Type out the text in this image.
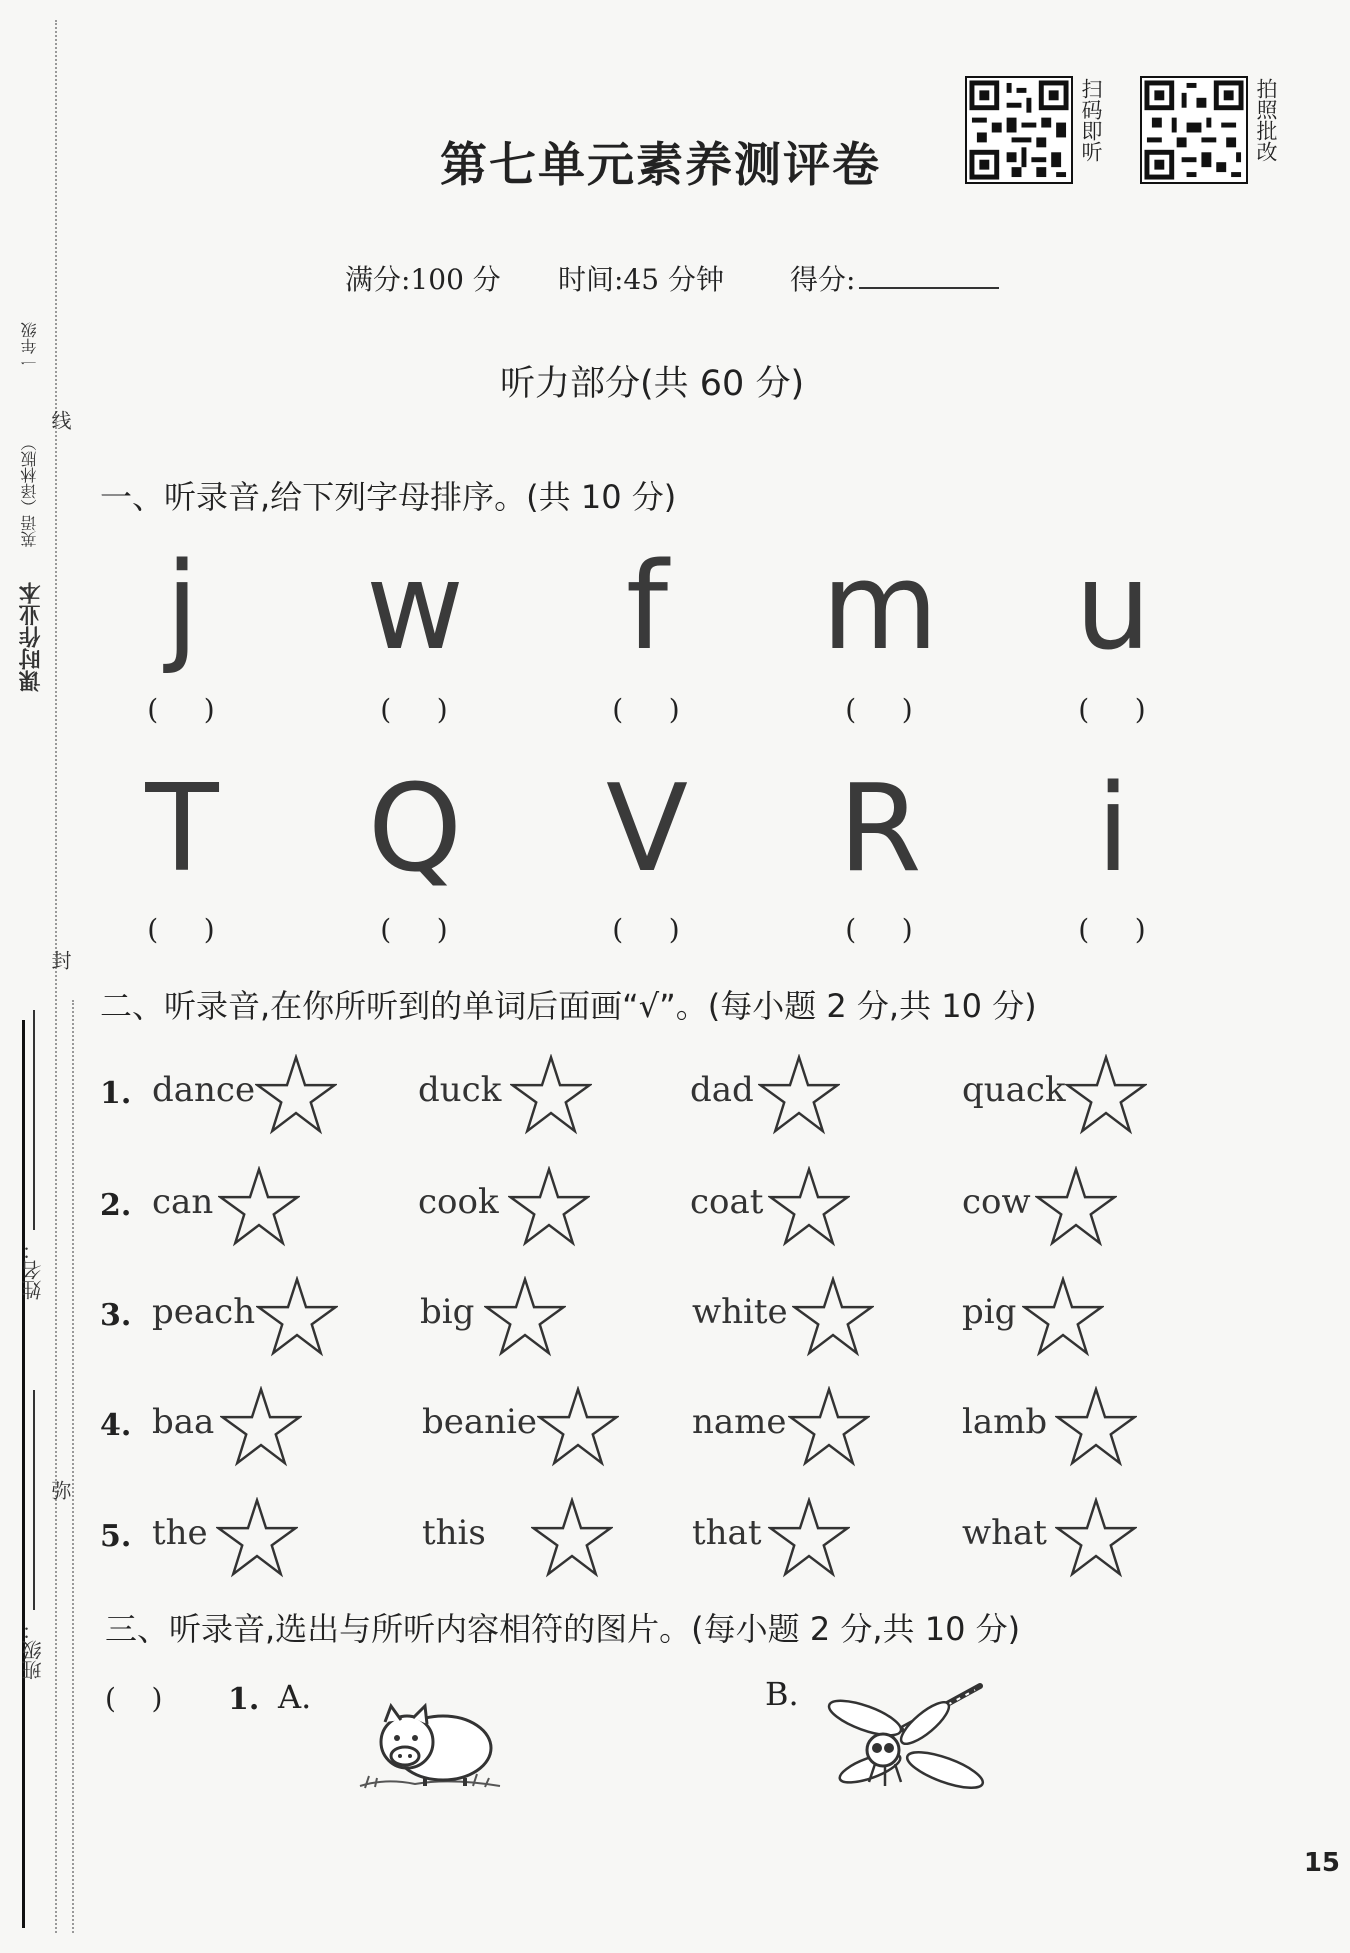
线
封
弥
课时作业本
英语（译林版）
一年级
姓名：
班级：
第七单元素养测评卷
扫码即听	拍照批改
满分:100 分 时间:45 分钟 得分:
听力部分(共 60 分)
一、听录音,给下列字母排序。(共 10 分)
j	w	f	m u
(    )	(    )	(    )	(    )	(    )
T Q V R	i
(    )	(    )	(    )	(    )	(    )
二、听录音,在你所听到的单词后面画“√”。(每小题 2 分,共 10 分)
1. dance	duck	dad	quack
2. can	cook	coat	cow
3. peach	big	white	pig
4. baa	beanie	name	lamb
5. the	this	that	what
三、听录音,选出与所听内容相符的图片。(每小题 2 分,共 10 分)
(    ) 1. A.	B.
15
